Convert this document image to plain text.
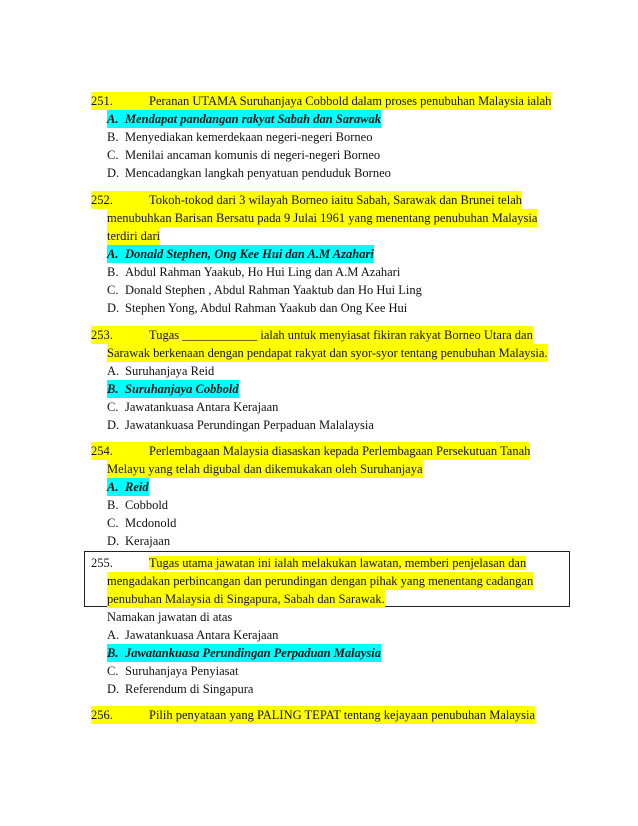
251.	Peranan UTAMA Suruhanjaya Cobbold dalam proses penubuhan Malaysia ialah
A. Mendapat pandangan rakyat Sabah dan Sarawak
B. Menyediakan kemerdekaan negeri-negeri Borneo
C. Menilai ancaman komunis di negeri-negeri Borneo
D. Mencadangkan langkah penyatuan penduduk Borneo
252.	Tokoh-tokod dari 3 wilayah Borneo iaitu Sabah, Sarawak dan Brunei telah
menubuhkan Barisan Bersatu pada 9 Julai 1961 yang menentang penubuhan Malaysia
terdiri dari
A. Donald Stephen, Ong Kee Hui dan A.M Azahari
B. Abdul Rahman Yaakub, Ho Hui Ling dan A.M Azahari
C. Donald Stephen , Abdul Rahman Yaaktub dan Ho Hui Ling
D. Stephen Yong, Abdul Rahman Yaakub dan Ong Kee Hui
253.	Tugas ____________ ialah untuk menyiasat fikiran rakyat Borneo Utara dan
Sarawak berkenaan dengan pendapat rakyat dan syor-syor tentang penubuhan Malaysia.
A. Suruhanjaya Reid
B. Suruhanjaya Cobbold
C. Jawatankuasa Antara Kerajaan
D. Jawatankuasa Perundingan Perpaduan Malalaysia
254.	Perlembagaan Malaysia diasaskan kepada Perlembagaan Persekutuan Tanah
Melayu yang telah digubal dan dikemukakan oleh Suruhanjaya
A. Reid
B. Cobbold
C. Mcdonold
D. Kerajaan
255.	Tugas utama jawatan ini ialah melakukan lawatan, memberi penjelasan dan
mengadakan perbincangan dan perundingan dengan pihak yang menentang cadangan
penubuhan Malaysia di Singapura, Sabah dan Sarawak.
Namakan jawatan di atas
A. Jawatankuasa Antara Kerajaan
B. Jawatankuasa Perundingan Perpaduan Malaysia
C. Suruhanjaya Penyiasat
D. Referendum di Singapura
256.	Pilih penyataan yang PALING TEPAT tentang kejayaan penubuhan Malaysia
